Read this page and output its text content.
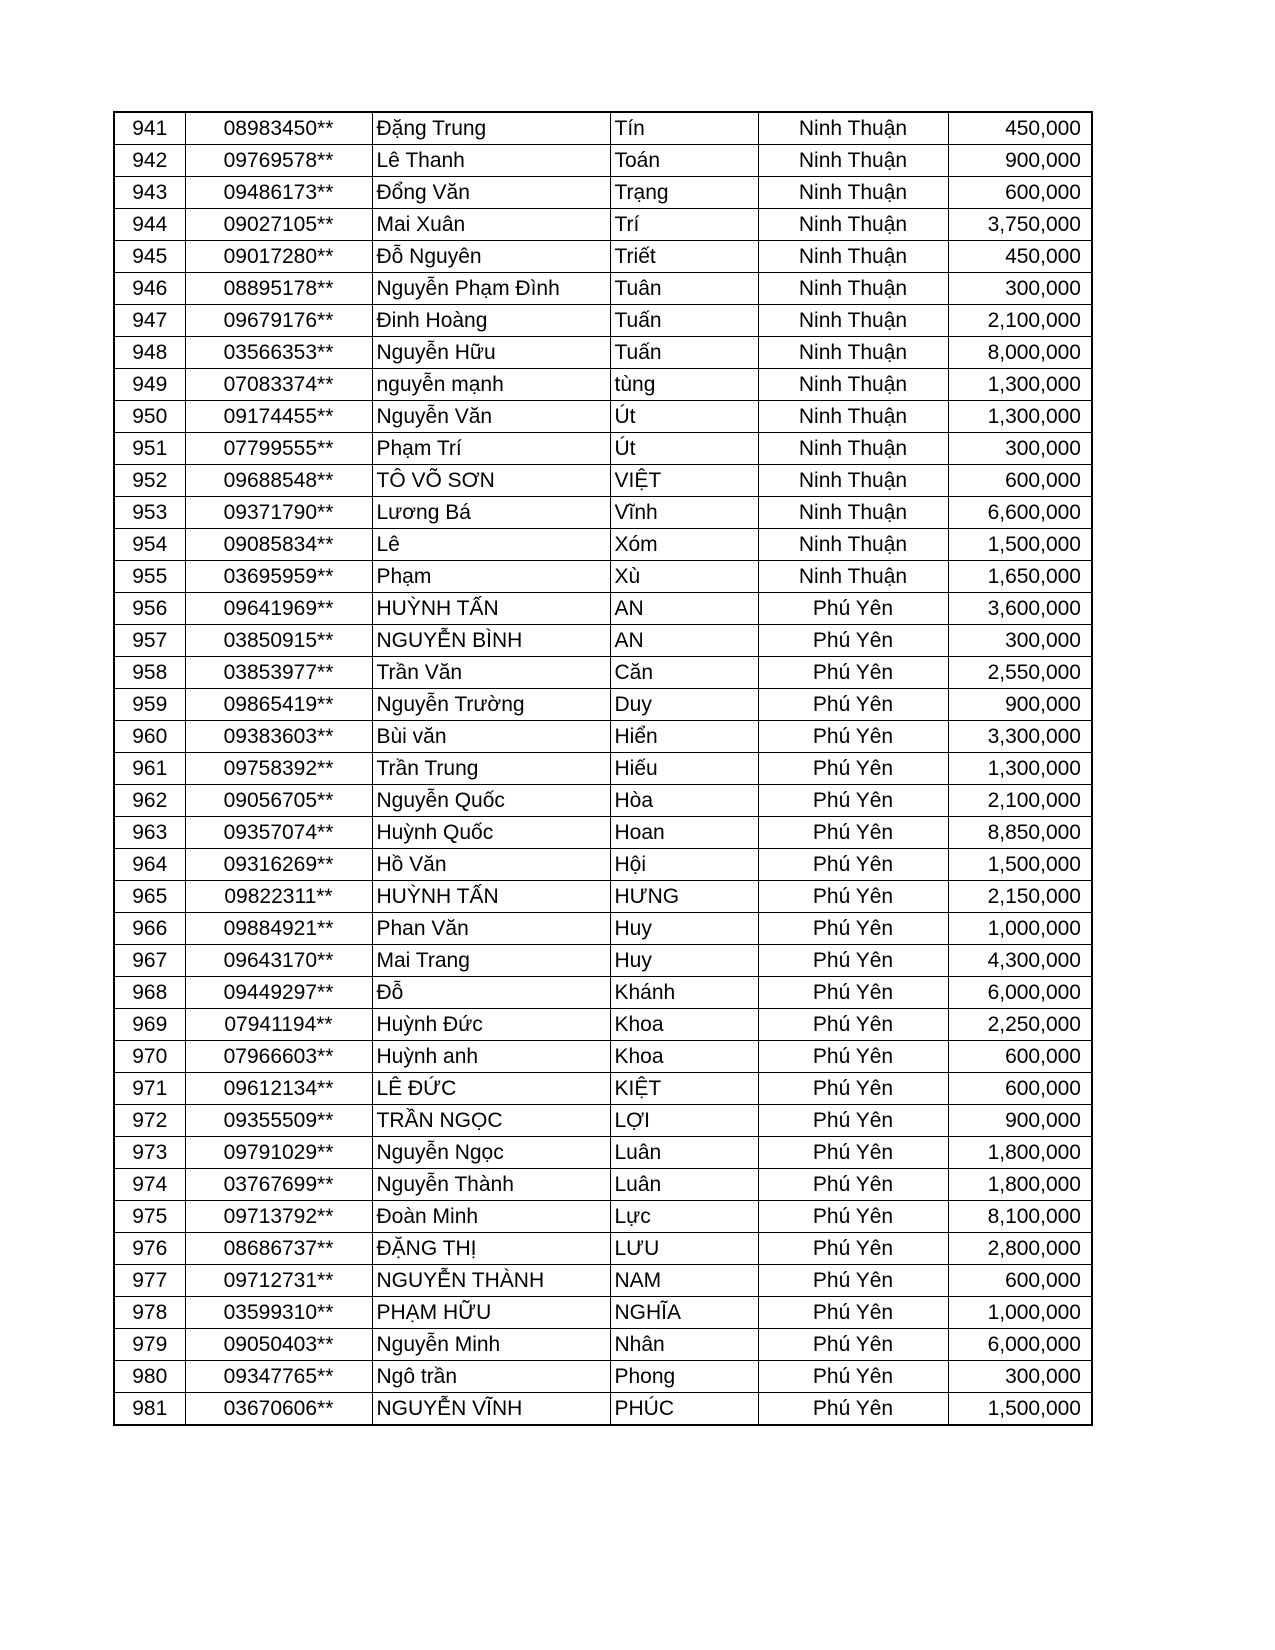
941	08983450**	Đặng Trung	Tín	Ninh Thuận	450,000
942	09769578**	Lê Thanh	Toán	Ninh Thuận	900,000
943	09486173**	Đổng Văn	Trạng	Ninh Thuận	600,000
944	09027105**	Mai Xuân	Trí	Ninh Thuận	3,750,000
945	09017280**	Đỗ Nguyên	Triết	Ninh Thuận	450,000
946	08895178**	Nguyễn Phạm Đình	Tuân	Ninh Thuận	300,000
947	09679176**	Đinh Hoàng	Tuấn	Ninh Thuận	2,100,000
948	03566353**	Nguyễn Hữu	Tuấn	Ninh Thuận	8,000,000
949	07083374**	nguyễn mạnh	tùng	Ninh Thuận	1,300,000
950	09174455**	Nguyễn Văn	Út	Ninh Thuận	1,300,000
951	07799555**	Phạm Trí	Út	Ninh Thuận	300,000
952	09688548**	TÔ VÕ SƠN	VIỆT	Ninh Thuận	600,000
953	09371790**	Lương Bá	Vĩnh	Ninh Thuận	6,600,000
954	09085834**	Lê	Xóm	Ninh Thuận	1,500,000
955	03695959**	Phạm	Xù	Ninh Thuận	1,650,000
956	09641969**	HUỲNH TẤN	AN	Phú Yên	3,600,000
957	03850915**	NGUYỄN BÌNH	AN	Phú Yên	300,000
958	03853977**	Trần Văn	Căn	Phú Yên	2,550,000
959	09865419**	Nguyễn Trường	Duy	Phú Yên	900,000
960	09383603**	Bùi văn	Hiển	Phú Yên	3,300,000
961	09758392**	Trần Trung	Hiếu	Phú Yên	1,300,000
962	09056705**	Nguyễn Quốc	Hòa	Phú Yên	2,100,000
963	09357074**	Huỳnh Quốc	Hoan	Phú Yên	8,850,000
964	09316269**	Hồ Văn	Hội	Phú Yên	1,500,000
965	09822311**	HUỲNH TẤN	HƯNG	Phú Yên	2,150,000
966	09884921**	Phan Văn	Huy	Phú Yên	1,000,000
967	09643170**	Mai Trang	Huy	Phú Yên	4,300,000
968	09449297**	Đỗ	Khánh	Phú Yên	6,000,000
969	07941194**	Huỳnh Đức	Khoa	Phú Yên	2,250,000
970	07966603**	Huỳnh anh	Khoa	Phú Yên	600,000
971	09612134**	LÊ ĐỨC	KIỆT	Phú Yên	600,000
972	09355509**	TRẦN NGỌC	LỢI	Phú Yên	900,000
973	09791029**	Nguyễn Ngọc	Luân	Phú Yên	1,800,000
974	03767699**	Nguyễn Thành	Luân	Phú Yên	1,800,000
975	09713792**	Đoàn Minh	Lực	Phú Yên	8,100,000
976	08686737**	ĐẶNG THỊ	LƯU	Phú Yên	2,800,000
977	09712731**	NGUYỄN THÀNH	NAM	Phú Yên	600,000
978	03599310**	PHẠM HỮU	NGHĨA	Phú Yên	1,000,000
979	09050403**	Nguyễn Minh	Nhân	Phú Yên	6,000,000
980	09347765**	Ngô trần	Phong	Phú Yên	300,000
981	03670606**	NGUYỄN VĨNH	PHÚC	Phú Yên	1,500,000
